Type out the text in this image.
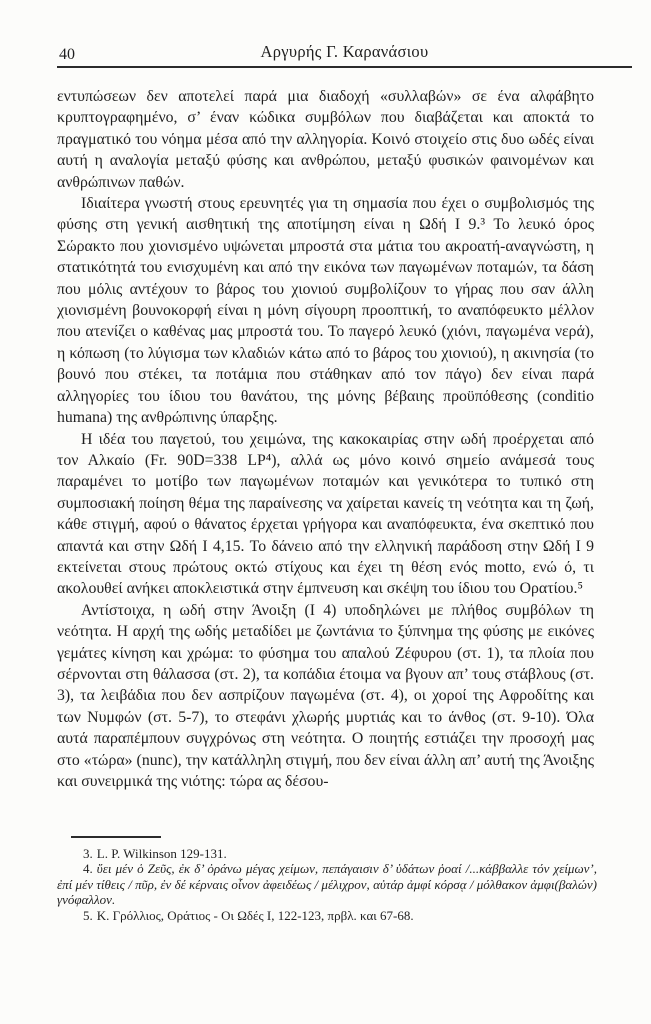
40	Αργυρής Γ. Καρανάσιου

εντυπώσεων δεν αποτελεί παρά μια διαδοχή «συλλαβών» σε ένα αλφάβητο κρυπτογραφημένο, σ’ έναν κώδικα συμβόλων που διαβάζεται και αποκτά το πραγματικό του νόημα μέσα από την αλληγορία. Κοινό στοιχείο στις δυο ωδές είναι αυτή η αναλογία μεταξύ φύσης και ανθρώπου, μεταξύ φυσικών φαινομένων και ανθρώπινων παθών.

Ιδιαίτερα γνωστή στους ερευνητές για τη σημασία που έχει ο συμβολισμός της φύσης στη γενική αισθητική της αποτίμηση είναι η Ωδή I 9.³ Το λευκό όρος Σώρακτο που χιονισμένο υψώνεται μπροστά στα μάτια του ακροατή-αναγνώστη, η στατικότητά του ενισχυμένη και από την εικόνα των παγωμένων ποταμών, τα δάση που μόλις αντέχουν το βάρος του χιονιού συμβολίζουν το γήρας που σαν άλλη χιονισμένη βουνοκορφή είναι η μόνη σίγουρη προοπτική, το αναπόφευκτο μέλλον που ατενίζει ο καθένας μας μπροστά του. Το παγερό λευκό (χιόνι, παγωμένα νερά), η κόπωση (το λύγισμα των κλαδιών κάτω από το βάρος του χιονιού), η ακινησία (το βουνό που στέκει, τα ποτάμια που στάθηκαν από τον πάγο) δεν είναι παρά αλληγορίες του ίδιου του θανάτου, της μόνης βέβαιης προϋπόθεσης (conditio humana) της ανθρώπινης ύπαρξης.

Η ιδέα του παγετού, του χειμώνα, της κακοκαιρίας στην ωδή προέρχεται από τον Αλκαίο (Fr. 90D=338 LP⁴), αλλά ως μόνο κοινό σημείο ανάμεσά τους παραμένει το μοτίβο των παγωμένων ποταμών και γενικότερα το τυπικό στη συμποσιακή ποίηση θέμα της παραίνεσης να χαίρεται κανείς τη νεότητα και τη ζωή, κάθε στιγμή, αφού ο θάνατος έρχεται γρήγορα και αναπόφευκτα, ένα σκεπτικό που απαντά και στην Ωδή I 4,15. Το δάνειο από την ελληνική παράδοση στην Ωδή I 9 εκτείνεται στους πρώτους οκτώ στίχους και έχει τη θέση ενός motto, ενώ ό, τι ακολουθεί ανήκει αποκλειστικά στην έμπνευση και σκέψη του ίδιου του Ορατίου.⁵

Αντίστοιχα, η ωδή στην Άνοιξη (I 4) υποδηλώνει με πλήθος συμβόλων τη νεότητα. Η αρχή της ωδής μεταδίδει με ζωντάνια το ξύπνημα της φύσης με εικόνες γεμάτες κίνηση και χρώμα: το φύσημα του απαλού Ζέφυρου (στ. 1), τα πλοία που σέρνονται στη θάλασσα (στ. 2), τα κοπάδια έτοιμα να βγουν απ’ τους στάβλους (στ. 3), τα λειβάδια που δεν ασπρίζουν παγωμένα (στ. 4), οι χοροί της Αφροδίτης και των Νυμφών (στ. 5-7), το στεφάνι χλωρής μυρτιάς και το άνθος (στ. 9-10). Όλα αυτά παραπέμπουν συγχρόνως στη νεότητα. Ο ποιητής εστιάζει την προσοχή μας στο «τώρα» (nunc), την κατάλληλη στιγμή, που δεν είναι άλλη απ’ αυτή της Άνοιξης και συνειρμικά της νιότης: τώρα ας δέσου-

3. L. P. Wilkinson 129-131.

4. ὕει μέν ὁ Ζεῦς, ἐκ δ’ ὀράνω μέγας χείμων, πεπάγαισιν δ’ ὑδάτων ῥοαί /...κάββαλλε τόν χείμων’, ἐπί μέν τίθεις / πῦρ, ἐν δέ κέρναις οἶνον ἀφειδέως / μέλιχρον, αὐτάρ ἀμφί κόρσᾳ / μόλθακον ἀμφι(βαλών) γνόφαλλον.

5. Κ. Γρόλλιος, Οράτιος - Οι Ωδές Ι, 122-123, πρβλ. και 67-68.
